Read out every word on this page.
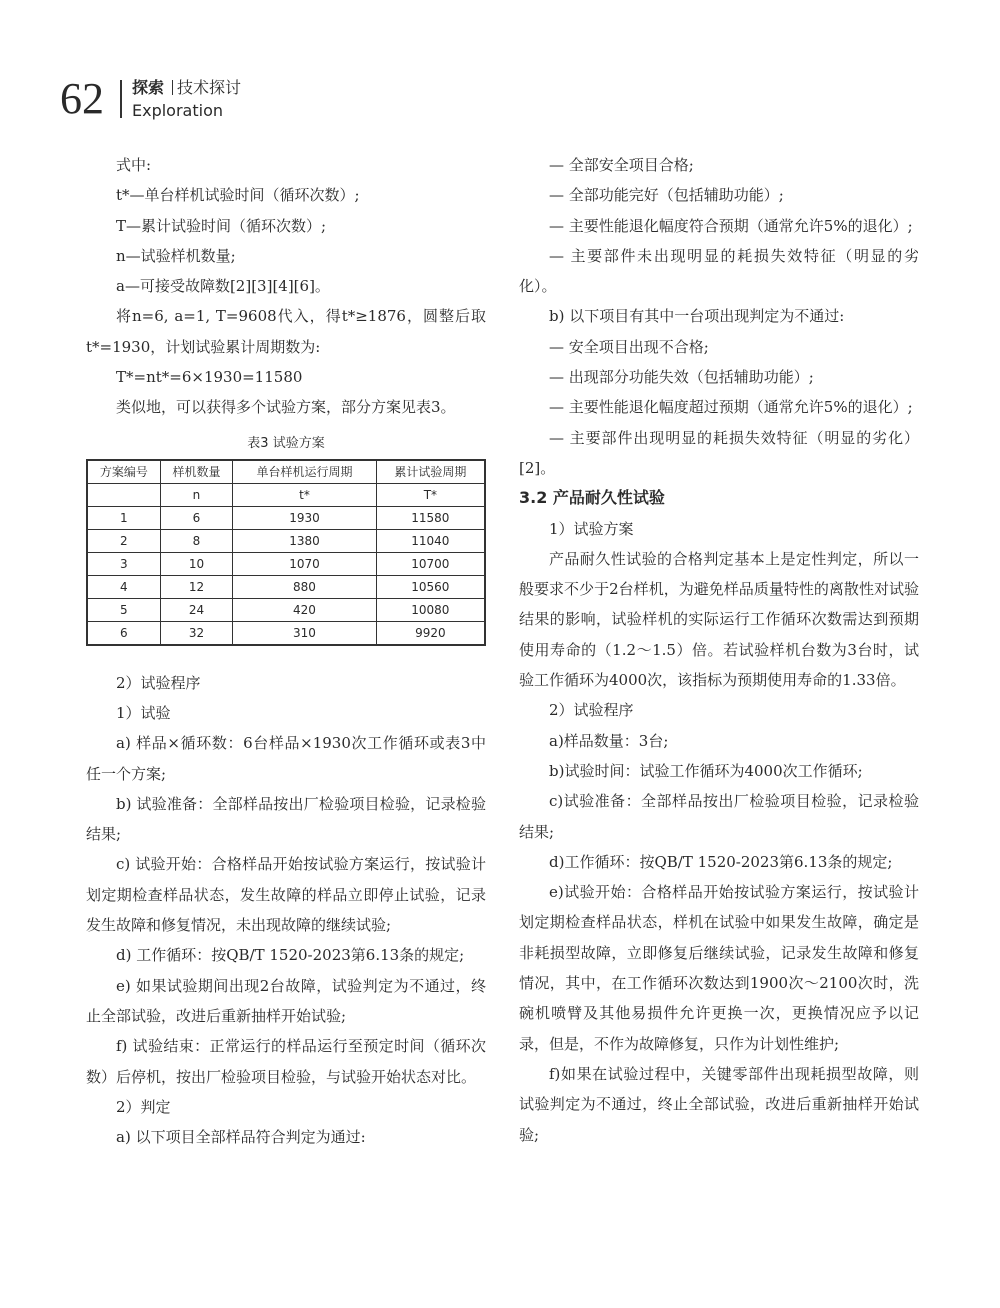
62 探索 技术探讨
Exploration

式中:

t*—单台样机试验时间（循环次数）;

T—累计试验时间（循环次数）;

n—试验样机数量;

a—可接受故障数[2][3][4][6]。

将n=6, a=1, T=9608代入，得t*≥1876，圆整后取t*=1930，计划试验累计周期数为:

T*=nt*=6×1930=11580

类似地，可以获得多个试验方案，部分方案见表3。

表3 试验方案
方案编号	样机数量	单台样机运行周期	累计试验周期
	n	t*	T*
1	6	1930	11580
2	8	1380	11040
3	10	1070	10700
4	12	880	10560
5	24	420	10080
6	32	310	9920

2）试验程序

1）试验

a) 样品×循环数：6台样品×1930次工作循环或表3中任一个方案;

b) 试验准备：全部样品按出厂检验项目检验，记录检验结果;

c) 试验开始：合格样品开始按试验方案运行，按试验计划定期检查样品状态，发生故障的样品立即停止试验，记录发生故障和修复情况，未出现故障的继续试验;

d) 工作循环：按QB/T 1520-2023第6.13条的规定;

e) 如果试验期间出现2台故障，试验判定为不通过，终止全部试验，改进后重新抽样开始试验;

f) 试验结束：正常运行的样品运行至预定时间（循环次数）后停机，按出厂检验项目检验，与试验开始状态对比。

2）判定

a) 以下项目全部样品符合判定为通过:

— 全部安全项目合格;

— 全部功能完好（包括辅助功能）;

— 主要性能退化幅度符合预期（通常允许5%的退化）;

— 主要部件未出现明显的耗损失效特征（明显的劣化）。

b) 以下项目有其中一台项出现判定为不通过:

— 安全项目出现不合格;

— 出现部分功能失效（包括辅助功能）;

— 主要性能退化幅度超过预期（通常允许5%的退化）;

— 主要部件出现明显的耗损失效特征（明显的劣化）[2]。

3.2 产品耐久性试验

1）试验方案

产品耐久性试验的合格判定基本上是定性判定，所以一般要求不少于2台样机，为避免样品质量特性的离散性对试验结果的影响，试验样机的实际运行工作循环次数需达到预期使用寿命的（1.2～1.5）倍。若试验样机台数为3台时，试验工作循环为4000次，该指标为预期使用寿命的1.33倍。

2）试验程序

a)样品数量：3台;

b)试验时间：试验工作循环为4000次工作循环;

c)试验准备：全部样品按出厂检验项目检验，记录检验结果;

d)工作循环：按QB/T 1520-2023第6.13条的规定;

e)试验开始：合格样品开始按试验方案运行，按试验计划定期检查样品状态，样机在试验中如果发生故障，确定是非耗损型故障，立即修复后继续试验，记录发生故障和修复情况，其中，在工作循环次数达到1900次～2100次时，洗碗机喷臂及其他易损件允许更换一次，更换情况应予以记录，但是，不作为故障修复，只作为计划性维护;

f)如果在试验过程中，关键零部件出现耗损型故障，则试验判定为不通过，终止全部试验，改进后重新抽样开始试验;
